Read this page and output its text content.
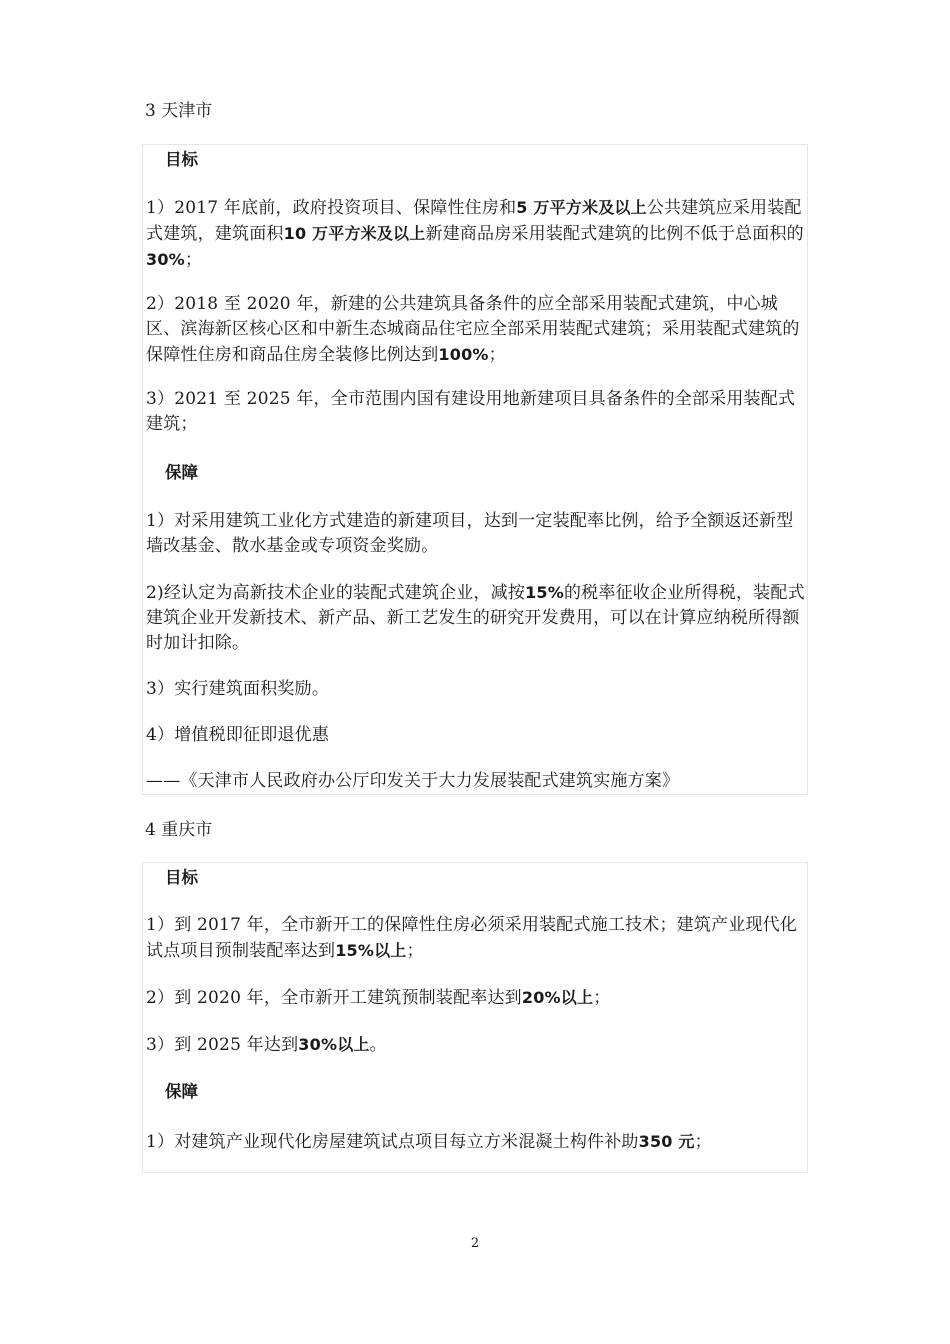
3 天津市
目标
1）2017 年底前，政府投资项目、保障性住房和5 万平方米及以上公共建筑应采用装配式建筑，建筑面积10 万平方米及以上新建商品房采用装配式建筑的比例不低于总面积的30%；
2）2018 至 2020 年，新建的公共建筑具备条件的应全部采用装配式建筑，中心城区、滨海新区核心区和中新生态城商品住宅应全部采用装配式建筑；采用装配式建筑的保障性住房和商品住房全装修比例达到100%；
3）2021 至 2025 年，全市范围内国有建设用地新建项目具备条件的全部采用装配式建筑；
保障
1）对采用建筑工业化方式建造的新建项目，达到一定装配率比例，给予全额返还新型墙改基金、散水基金或专项资金奖励。
2)经认定为高新技术企业的装配式建筑企业，减按15%的税率征收企业所得税，装配式建筑企业开发新技术、新产品、新工艺发生的研究开发费用，可以在计算应纳税所得额时加计扣除。
3）实行建筑面积奖励。
4）增值税即征即退优惠
——《天津市人民政府办公厅印发关于大力发展装配式建筑实施方案》
4 重庆市
目标
1）到 2017 年，全市新开工的保障性住房必须采用装配式施工技术；建筑产业现代化试点项目预制装配率达到15%以上；
2）到 2020 年，全市新开工建筑预制装配率达到20%以上；
3）到 2025 年达到30%以上。
保障
1）对建筑产业现代化房屋建筑试点项目每立方米混凝土构件补助350 元；
2
